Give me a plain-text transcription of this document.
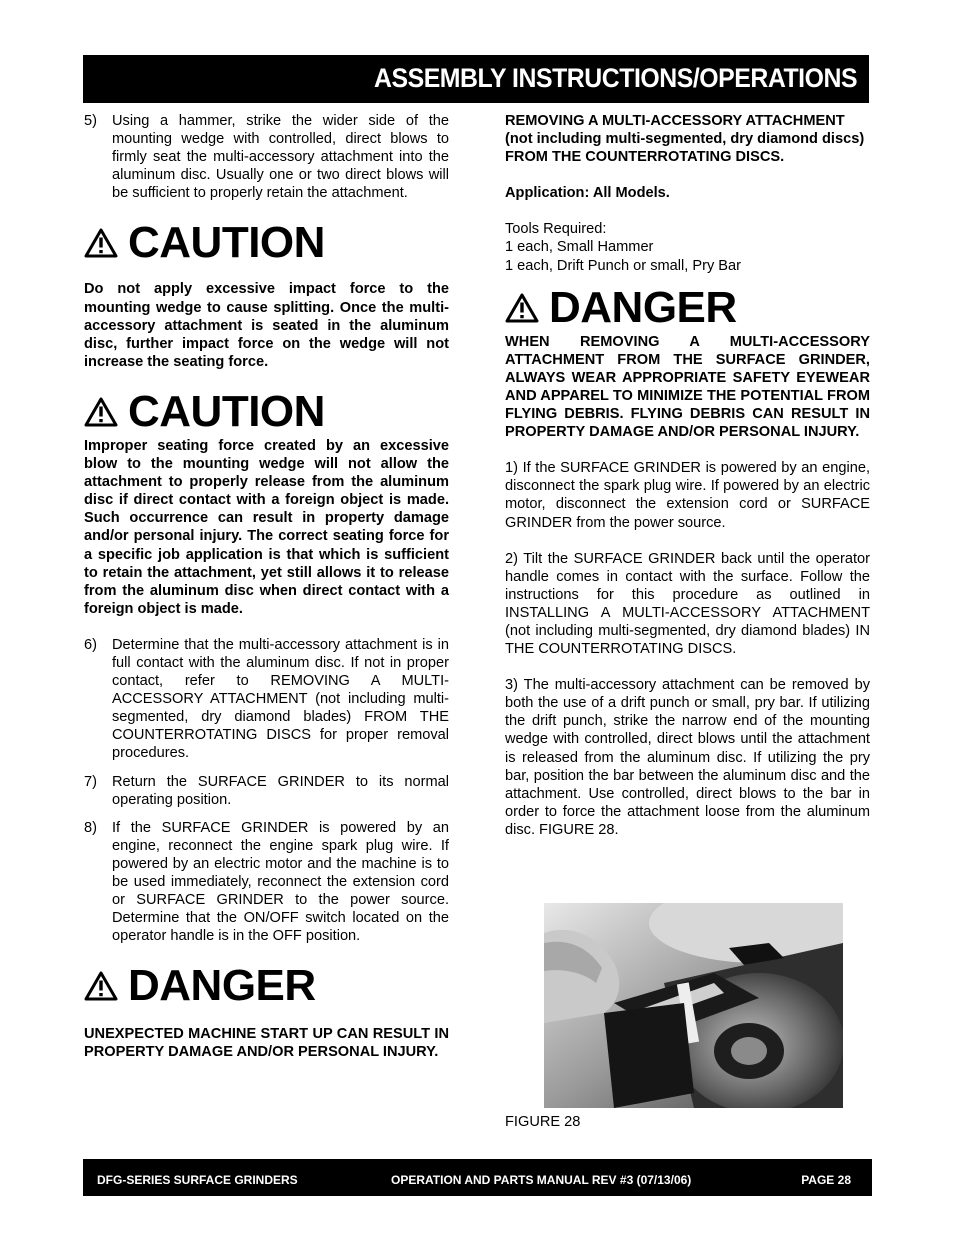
ASSEMBLY INSTRUCTIONS/OPERATIONS
5)	Using a hammer, strike the wider side of the mounting wedge with controlled, direct blows to firmly seat the multi-accessory attachment into the aluminum disc. Usually one or two direct blows will be sufficient to properly retain the attachment.
CAUTION

Do not apply excessive impact force to the mounting wedge to cause splitting. Once the multi-accessory attachment is seated in the aluminum disc, further impact force on the wedge will not increase the seating force.

CAUTION

Improper seating force created by an excessive blow to the mounting wedge will not allow the attachment to properly release from the aluminum disc if direct contact with a foreign object is made. Such occurrence can result in property damage and/or personal injury. The correct seating force for a specific job application is that which is sufficient to retain the attachment, yet still allows it to release from the aluminum disc when direct contact with a foreign object is made.

6)	Determine that the multi-accessory attachment is in full contact with the aluminum disc. If not in proper contact, refer to REMOVING A MULTI-ACCESSORY ATTACHMENT (not including multi-segmented, dry diamond blades) FROM THE COUNTERROTATING DISCS for proper removal procedures.
7)	Return the SURFACE GRINDER to its normal operating position.
8)	If the SURFACE GRINDER is powered by an engine, reconnect the engine spark plug wire. If powered by an electric motor and the machine is to be used immediately, reconnect the extension cord or SURFACE GRINDER to the power source. Determine that the ON/OFF switch located on the operator handle is in the OFF position.
DANGER

UNEXPECTED MACHINE START UP CAN RESULT IN PROPERTY DAMAGE AND/OR PERSONAL INJURY.

REMOVING A MULTI-ACCESSORY ATTACHMENT (not including multi-segmented, dry diamond discs) FROM THE COUNTERROTATING DISCS.

Application: All Models.

Tools Required:

1 each, Small Hammer

1 each, Drift Punch or small, Pry Bar

DANGER

WHEN REMOVING A MULTI-ACCESSORY ATTACHMENT FROM THE SURFACE GRINDER, ALWAYS WEAR APPROPRIATE SAFETY EYEWEAR AND APPAREL TO MINIMIZE THE POTENTIAL FROM FLYING DEBRIS. FLYING DEBRIS CAN RESULT IN PROPERTY DAMAGE AND/OR PERSONAL INJURY.

1) If the SURFACE GRINDER is powered by an engine, disconnect the spark plug wire. If powered by an electric motor, disconnect the extension cord or SURFACE GRINDER from the power source.

2) Tilt the SURFACE GRINDER back until the operator handle comes in contact with the surface. Follow the instructions for this procedure as outlined in INSTALLING A MULTI-ACCESSORY ATTACHMENT (not including multi-segmented, dry diamond blades) IN THE COUNTERROTATING DISCS.

3) The multi-accessory attachment can be removed by both the use of a drift punch or small, pry bar. If utilizing the drift punch, strike the narrow end of the mounting wedge with controlled, direct blows until the attachment is released from the aluminum disc. If utilizing the pry bar, position the bar between the aluminum disc and the attachment. Use controlled, direct blows to the bar in order to force the attachment loose from the aluminum disc. FIGURE 28.

FIGURE 28
DFG-SERIES SURFACE GRINDERS	OPERATION AND PARTS MANUAL REV #3 (07/13/06)	PAGE 28
